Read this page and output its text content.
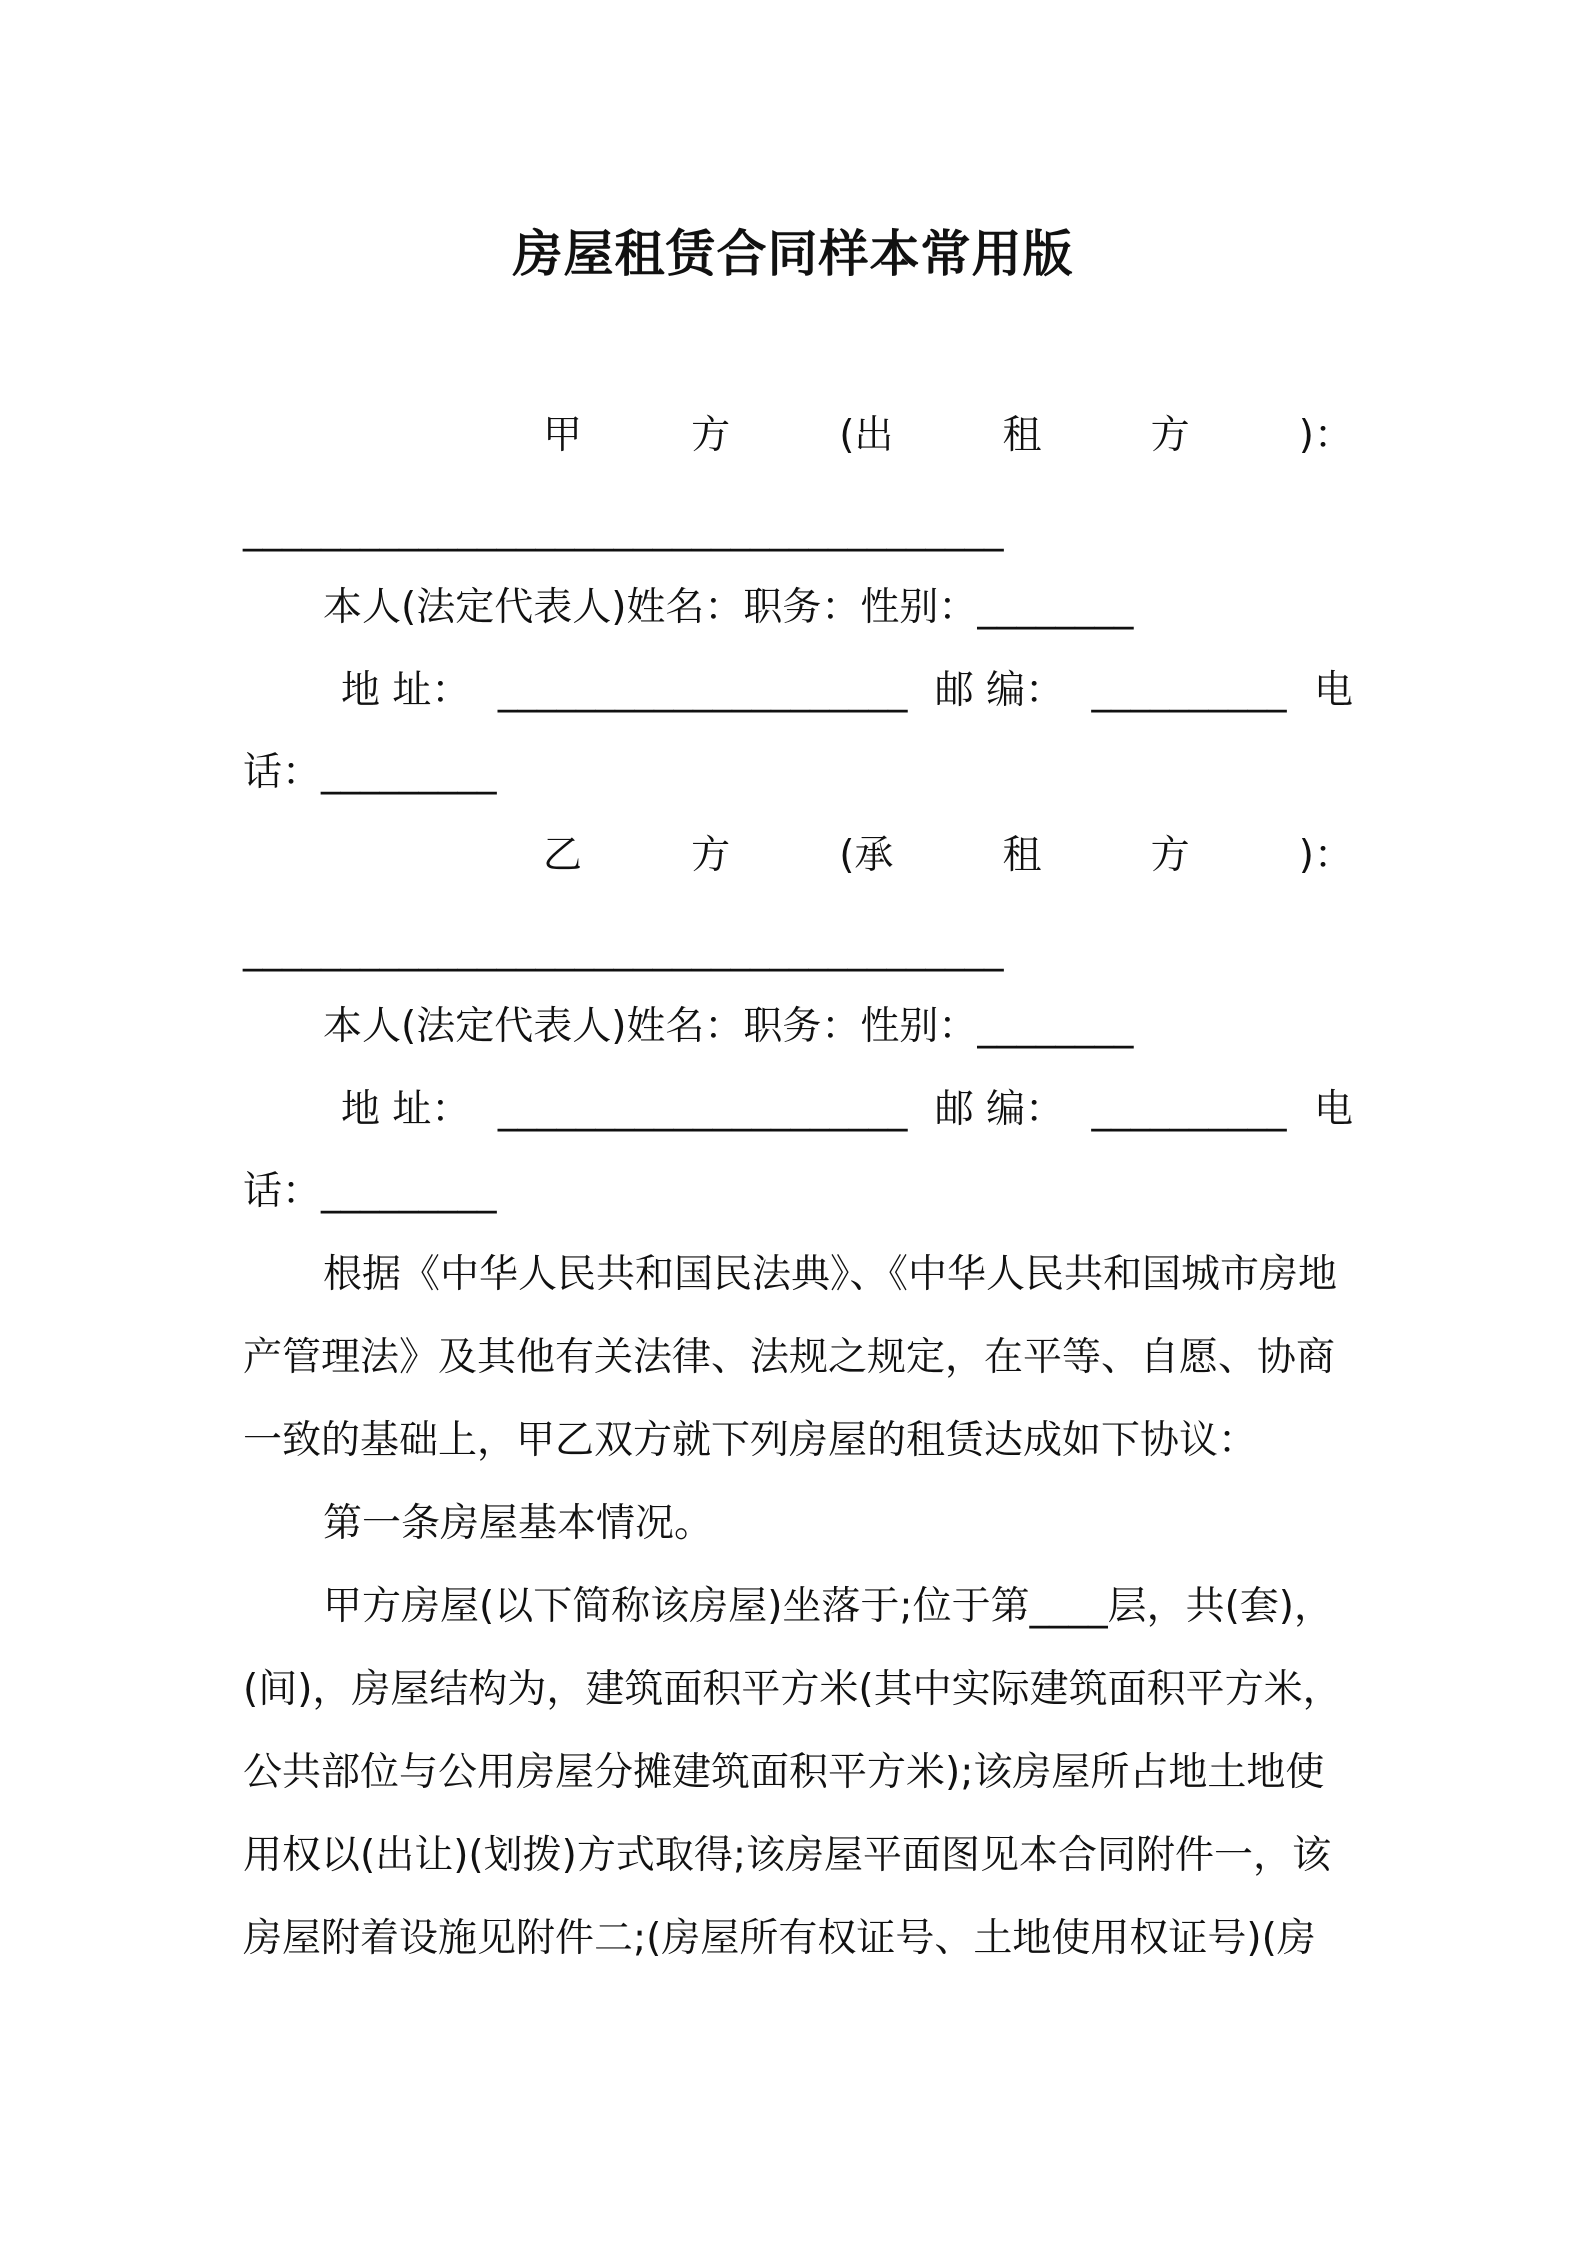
房屋租赁合同样本常用版
甲	方	(出	租	方	)：
_______________________________________
本人(法定代表人)姓名：职务：性别：________
地 址： _____________________ 邮 编： __________ 电
话：_________
乙	方	(承	租	方	)：
_______________________________________
本人(法定代表人)姓名：职务：性别：________
地 址： _____________________ 邮 编： __________ 电
话：_________
根据《中华人民共和国民法典》、《中华人民共和国城市房地
产管理法》及其他有关法律、法规之规定，在平等、自愿、协商
一致的基础上，甲乙双方就下列房屋的租赁达成如下协议：
第一条房屋基本情况。
甲方房屋(以下简称该房屋)坐落于;位于第____层，共(套)，
(间)，房屋结构为，建筑面积平方米(其中实际建筑面积平方米，
公共部位与公用房屋分摊建筑面积平方米);该房屋所占地土地使
用权以(出让)(划拨)方式取得;该房屋平面图见本合同附件一，该
房屋附着设施见附件二;(房屋所有权证号、土地使用权证号)(房
